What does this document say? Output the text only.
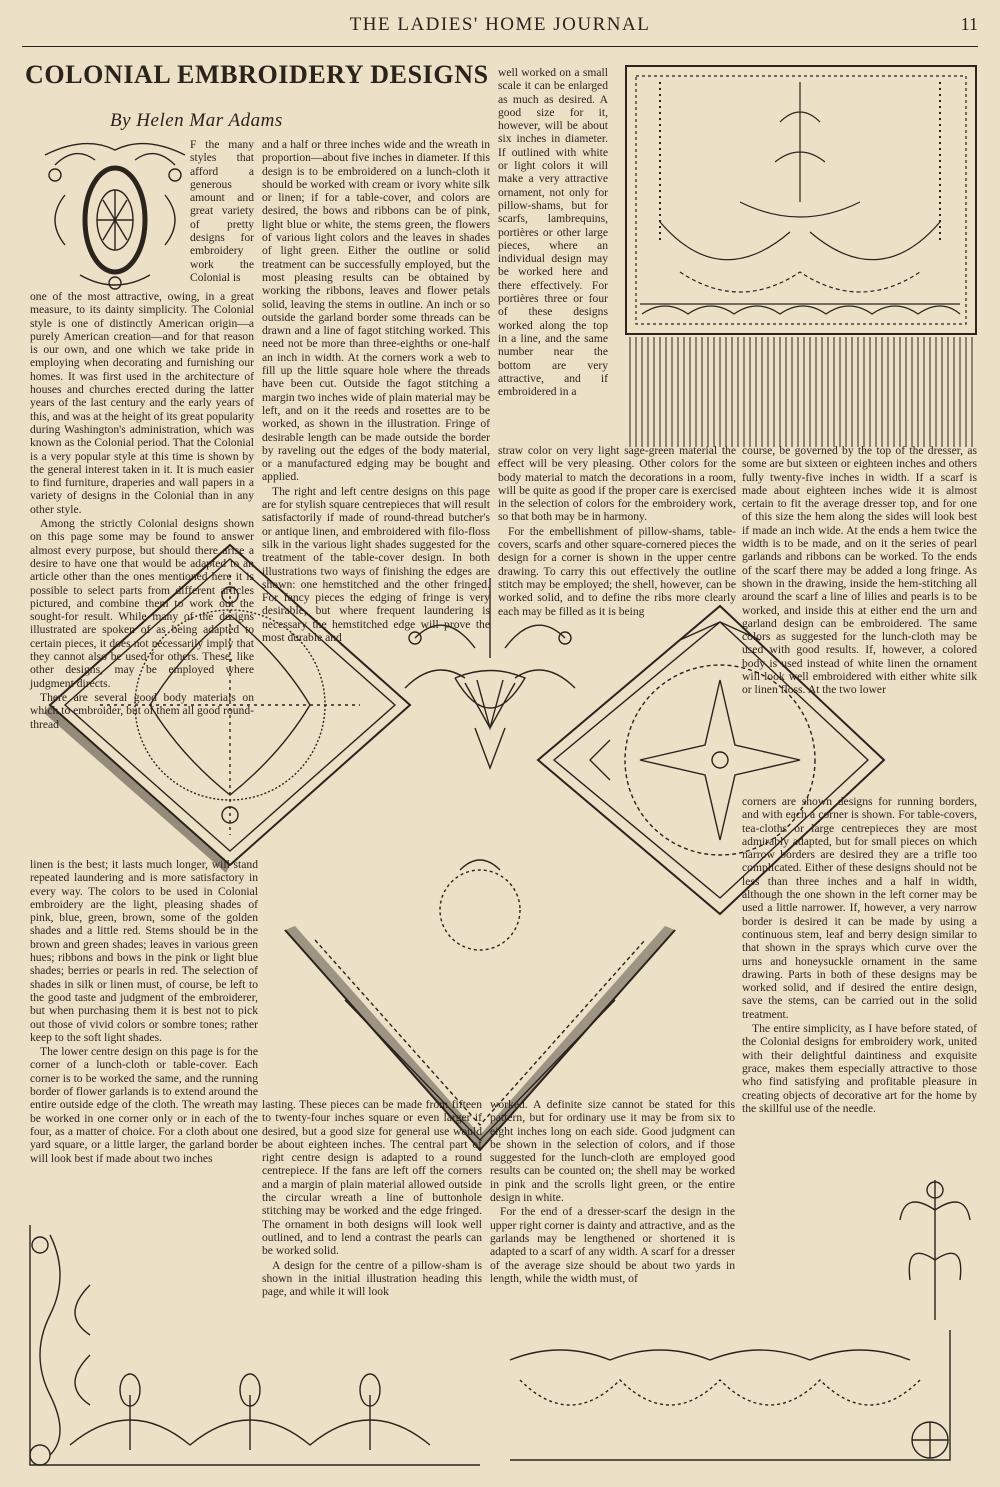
THE LADIES' HOME JOURNAL	11
COLONIAL EMBROIDERY DESIGNS
By Helen Mar Adams

F the many styles that afford a generous amount and great variety of pretty designs for embroidery work the Colonial is

one of the most attractive, owing, in a great measure, to its dainty simplicity. The Colonial style is one of distinctly American origin—a purely American creation—and for that reason is our own, and one which we take pride in employing when decorating and furnishing our homes. It was first used in the architecture of houses and churches erected during the latter years of the last century and the early years of this, and was at the height of its great popularity during Washington's administration, which was known as the Colonial period. That the Colonial is a very popular style at this time is shown by the general interest taken in it. It is much easier to find furniture, draperies and wall papers in a variety of designs in the Colonial than in any other style.

Among the strictly Colonial designs shown on this page some may be found to answer almost every purpose, but should there arise a desire to have one that would be adapted to an article other than the ones mentioned here it is possible to select parts from different articles pictured, and combine them to work out the sought-for result. While many of the designs illustrated are spoken of as being adapted to certain pieces, it does not necessarily imply that they cannot also be used for others. These, like other designs, may be employed where judgment directs.

There are several good body materials on which to embroider, but of them all good round-thread

and a half or three inches wide and the wreath in proportion—about five inches in diameter. If this design is to be embroidered on a lunch-cloth it should be worked with cream or ivory white silk or linen; if for a table-cover, and colors are desired, the bows and ribbons can be of pink, light blue or white, the stems green, the flowers of various light colors and the leaves in shades of light green. Either the outline or solid treatment can be successfully employed, but the most pleasing results can be obtained by working the ribbons, leaves and flower petals solid, leaving the stems in outline. An inch or so outside the garland border some threads can be drawn and a line of fagot stitching worked. This need not be more than three-eighths or one-half an inch in width. At the corners work a web to fill up the little square hole where the threads have been cut. Outside the fagot stitching a margin two inches wide of plain material may be left, and on it the reeds and rosettes are to be worked, as shown in the illustration. Fringe of desirable length can be made outside the border by raveling out the edges of the body material, or a manufactured edging may be bought and applied.

The right and left centre designs on this page are for stylish square centrepieces that will result satisfactorily if made of round-thread butcher's or antique linen, and embroidered with filo-floss silk in the various light shades suggested for the treatment of the table-cover design. In both illustrations two ways of finishing the edges are shown: one hemstitched and the other fringed. For fancy pieces the edging of fringe is very desirable, but where frequent laundering is necessary the hemstitched edge will prove the most durable and

well worked on a small scale it can be enlarged as much as desired. A good size for it, however, will be about six inches in diameter. If outlined with white or light colors it will make a very attractive ornament, not only for pillow-shams, but for scarfs, lambrequins, portières or other large pieces, where an individual design may be worked here and there effectively. For portières three or four of these designs worked along the top in a line, and the same number near the bottom are very attractive, and if embroidered in a

straw color on very light sage-green material the effect will be very pleasing. Other colors for the body material to match the decorations in a room, will be quite as good if the proper care is exercised in the selection of colors for the embroidery work, so that both may be in harmony.

For the embellishment of pillow-shams, table-covers, scarfs and other square-cornered pieces the design for a corner is shown in the upper centre drawing. To carry this out effectively the outline stitch may be employed; the shell, however, can be worked solid, and to define the ribs more clearly each may be filled as it is being

course, be governed by the top of the dresser, as some are but sixteen or eighteen inches and others fully twenty-five inches in width. If a scarf is made about eighteen inches wide it is almost certain to fit the average dresser top, and for one of this size the hem along the sides will look best if made an inch wide. At the ends a hem twice the width is to be made, and on it the series of pearl garlands and ribbons can be worked. To the ends of the scarf there may be added a long fringe. As shown in the drawing, inside the hem-stitching all around the scarf a line of lilies and pearls is to be worked, and inside this at either end the urn and garland design can be embroidered. The same colors as suggested for the lunch-cloth may be used with good results. If, however, a colored body is used instead of white linen the ornament will look well embroidered with either white silk or linen floss. At the two lower

linen is the best; it lasts much longer, will stand repeated laundering and is more satisfactory in every way. The colors to be used in Colonial embroidery are the light, pleasing shades of pink, blue, green, brown, some of the golden shades and a little red. Stems should be in the brown and green shades; leaves in various green hues; ribbons and bows in the pink or light blue shades; berries or pearls in red. The selection of shades in silk or linen must, of course, be left to the good taste and judgment of the embroiderer, but when purchasing them it is best not to pick out those of vivid colors or sombre tones; rather keep to the soft light shades.

The lower centre design on this page is for the corner of a lunch-cloth or table-cover. Each corner is to be worked the same, and the running border of flower garlands is to extend around the entire outside edge of the cloth. The wreath may be worked in one corner only or in each of the four, as a matter of choice. For a cloth about one yard square, or a little larger, the garland border will look best if made about two inches

lasting. These pieces can be made from fifteen to twenty-four inches square or even larger if desired, but a good size for general use would be about eighteen inches. The central part of right centre design is adapted to a round centrepiece. If the fans are left off the corners and a margin of plain material allowed outside the circular wreath a line of buttonhole stitching may be worked and the edge fringed. The ornament in both designs will look well outlined, and to lend a contrast the pearls can be worked solid.

A design for the centre of a pillow-sham is shown in the initial illustration heading this page, and while it will look

worked. A definite size cannot be stated for this pattern, but for ordinary use it may be from six to eight inches long on each side. Good judgment can be shown in the selection of colors, and if those suggested for the lunch-cloth are employed good results can be counted on; the shell may be worked in pink and the scrolls light green, or the entire design in white.

For the end of a dresser-scarf the design in the upper right corner is dainty and attractive, and as the garlands may be lengthened or shortened it is adapted to a scarf of any width. A scarf for a dresser of the average size should be about two yards in length, while the width must, of

corners are shown designs for running borders, and with each a corner is shown. For table-covers, tea-cloths or large centrepieces they are most admirably adapted, but for small pieces on which narrow borders are desired they are a trifle too complicated. Either of these designs should not be less than three inches and a half in width, although the one shown in the left corner may be used a little narrower. If, however, a very narrow border is desired it can be made by using a continuous stem, leaf and berry design similar to that shown in the sprays which curve over the urns and honeysuckle ornament in the same drawing. Parts in both of these designs may be worked solid, and if desired the entire design, save the stems, can be carried out in the solid treatment.

The entire simplicity, as I have before stated, of the Colonial designs for embroidery work, united with their delightful daintiness and exquisite grace, makes them especially attractive to those who find satisfying and profitable pleasure in creating objects of decorative art for the home by the skillful use of the needle.
